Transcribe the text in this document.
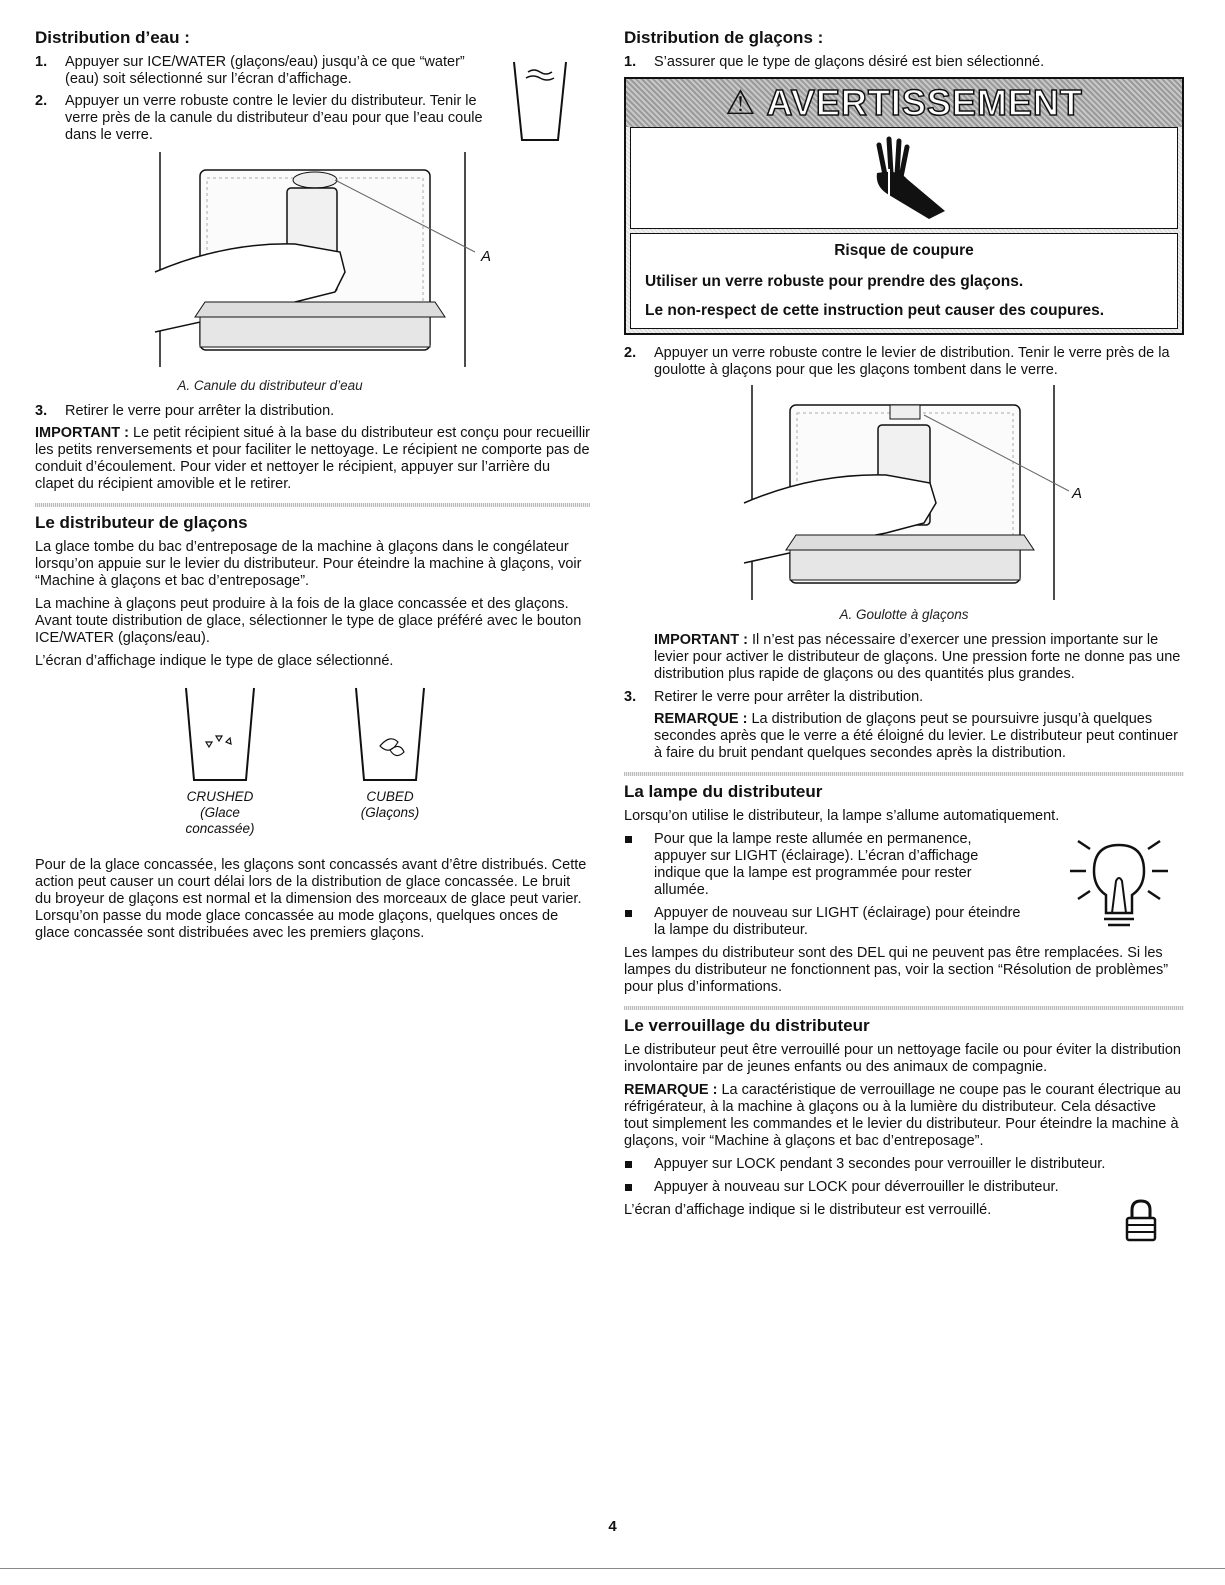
Distribution d’eau :
1.	Appuyer sur ICE/WATER (glaçons/eau) jusqu’à ce que “water” (eau) soit sélectionné sur l’écran d’affichage.
2.	Appuyer un verre robuste contre le levier du distributeur. Tenir le verre près de la canule du distributeur d’eau pour que l’eau coule dans le verre.
A
A. Canule du distributeur d’eau
3.	Retirer le verre pour arrêter la distribution.

IMPORTANT : Le petit récipient situé à la base du distributeur est conçu pour recueillir les petits renversements et pour faciliter le nettoyage. Le récipient ne comporte pas de conduit d’écoulement. Pour vider et nettoyer le récipient, appuyer sur l’arrière du clapet du récipient amovible et le retirer.

Le distributeur de glaçons

La glace tombe du bac d’entreposage de la machine à glaçons dans le congélateur lorsqu’on appuie sur le levier du distributeur. Pour éteindre la machine à glaçons, voir “Machine à glaçons et bac d’entreposage”.

La machine à glaçons peut produire à la fois de la glace concassée et des glaçons. Avant toute distribution de glace, sélectionner le type de glace préféré avec le bouton ICE/WATER (glaçons/eau).

L’écran d’affichage indique le type de glace sélectionné.

CRUSHED
(Glace concassée)
CUBED
(Glaçons)

Pour de la glace concassée, les glaçons sont concassés avant d’être distribués. Cette action peut causer un court délai lors de la distribution de glace concassée. Le bruit du broyeur de glaçons est normal et la dimension des morceaux de glace peut varier. Lorsqu’on passe du mode glace concassée au mode glaçons, quelques onces de glace concassée sont distribuées avec les premiers glaçons.

Distribution de glaçons :
1.	S’assurer que le type de glaçons désiré est bien sélectionné.
⚠ AVERTISSEMENT
Risque de coupure
Utiliser un verre robuste pour prendre des glaçons.
Le non-respect de cette instruction peut causer des coupures.
2.	Appuyer un verre robuste contre le levier de distribution. Tenir le verre près de la goulotte à glaçons pour que les glaçons tombent dans le verre.
A
A. Goulotte à glaçons

IMPORTANT : Il n’est pas nécessaire d’exercer une pression importante sur le levier pour activer le distributeur de glaçons. Une pression forte ne donne pas une distribution plus rapide de glaçons ou des quantités plus grandes.

3.	Retirer le verre pour arrêter la distribution.

REMARQUE : La distribution de glaçons peut se poursuivre jusqu’à quelques secondes après que le verre a été éloigné du levier. Le distributeur peut continuer à faire du bruit pendant quelques secondes après la distribution.

La lampe du distributeur

Lorsqu’on utilise le distributeur, la lampe s’allume automatiquement.

Pour que la lampe reste allumée en permanence, appuyer sur LIGHT (éclairage). L’écran d’affichage indique que la lampe est programmée pour rester allumée.
Appuyer de nouveau sur LIGHT (éclairage) pour éteindre la lampe du distributeur.

Les lampes du distributeur sont des DEL qui ne peuvent pas être remplacées. Si les lampes du distributeur ne fonctionnent pas, voir la section “Résolution de problèmes” pour plus d’informations.

Le verrouillage du distributeur

Le distributeur peut être verrouillé pour un nettoyage facile ou pour éviter la distribution involontaire par de jeunes enfants ou des animaux de compagnie.

REMARQUE : La caractéristique de verrouillage ne coupe pas le courant électrique au réfrigérateur, à la machine à glaçons ou à la lumière du distributeur. Cela désactive tout simplement les commandes et le levier du distributeur. Pour éteindre la machine à glaçons, voir “Machine à glaçons et bac d’entreposage”.

Appuyer sur LOCK pendant 3 secondes pour verrouiller le distributeur.
Appuyer à nouveau sur LOCK pour déverrouiller le distributeur.

L’écran d’affichage indique si le distributeur est verrouillé.

4
